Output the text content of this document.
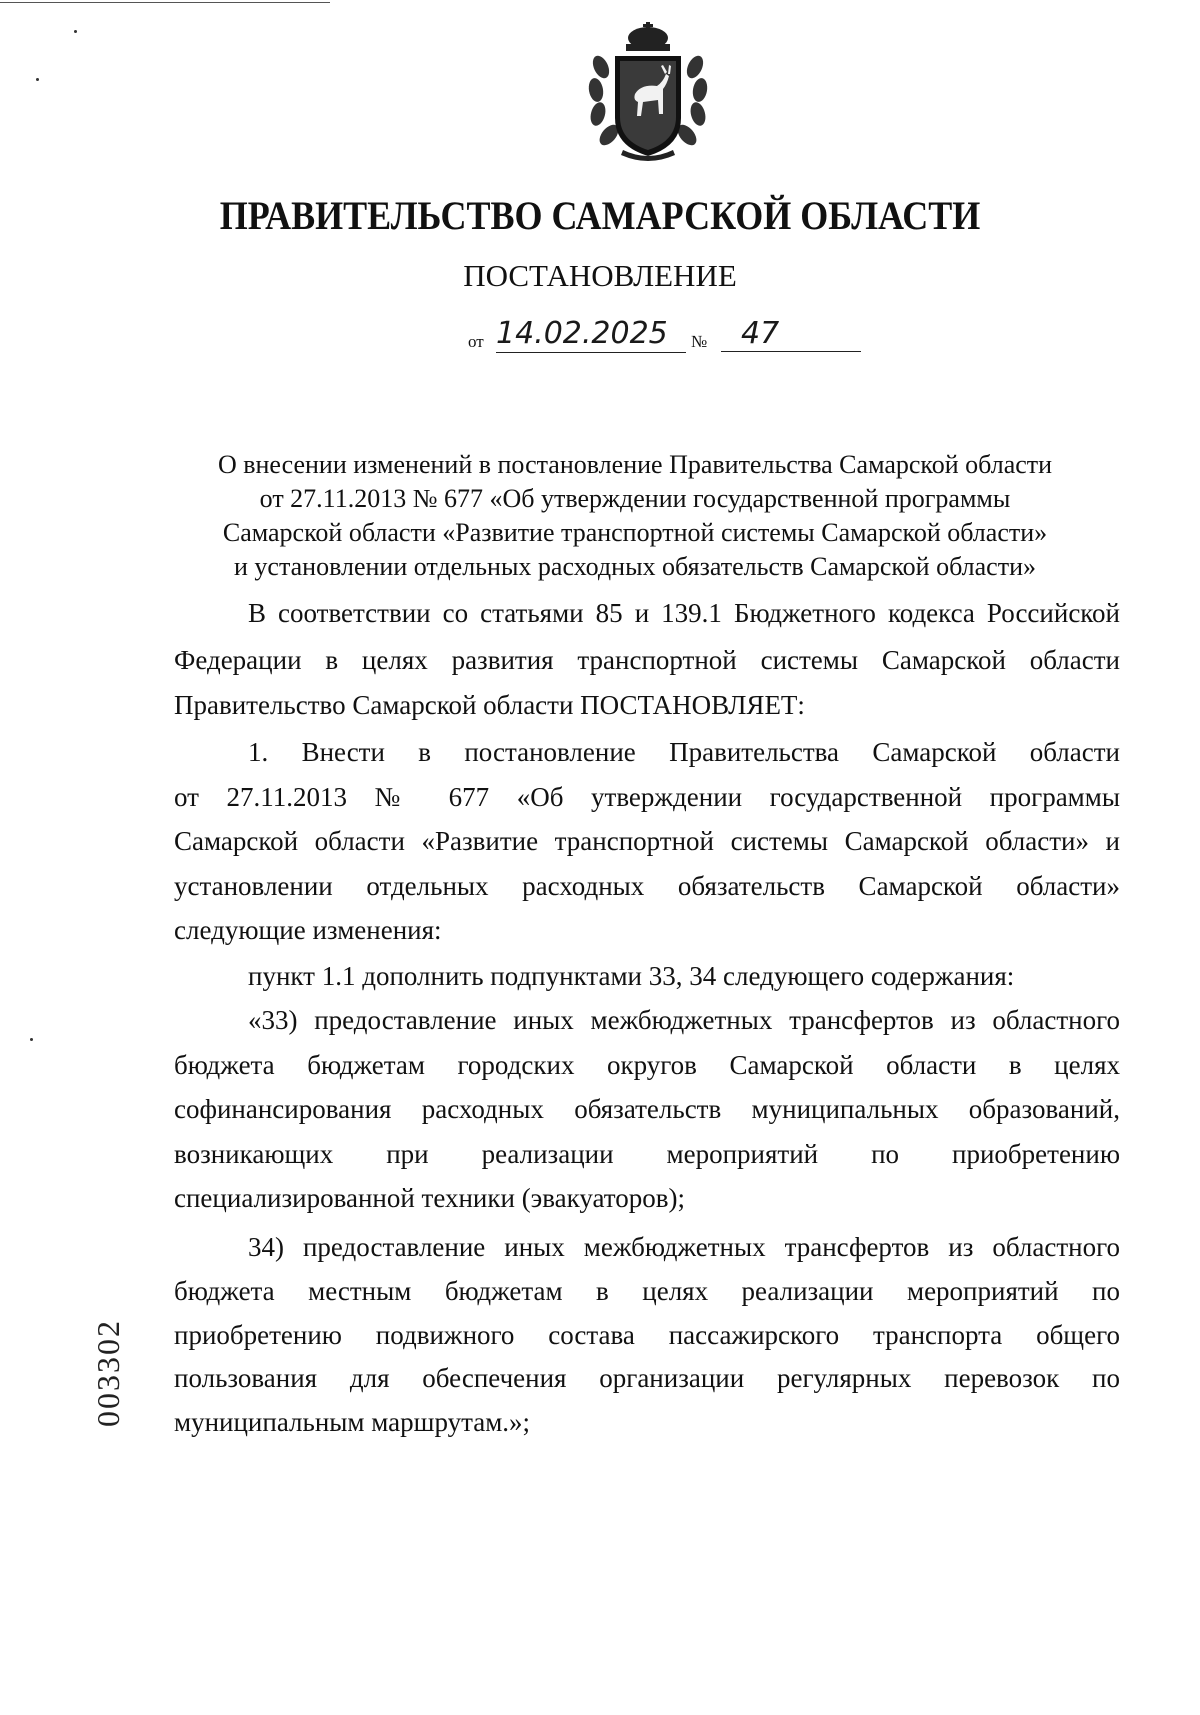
ПРАВИТЕЛЬСТВО САМАРСКОЙ ОБЛАСТИ
ПОСТАНОВЛЕНИЕ
от 14.02.2025	№	47
О внесении изменений в постановление Правительства Самарской области
от 27.11.2013 № 677 «Об утверждении государственной программы
Самарской области «Развитие транспортной системы Самарской области»
и установлении отдельных расходных обязательств Самарской области»
В соответствии со статьями 85 и 139.1 Бюджетного кодекса Российской
Федерации в целях развития транспортной системы Самарской области
Правительство Самарской области ПОСТАНОВЛЯЕТ:
1. Внести в постановление Правительства Самарской области
от 27.11.2013 № 677 «Об утверждении государственной программы
Самарской области «Развитие транспортной системы Самарской области» и
установлении отдельных расходных обязательств Самарской области»
следующие изменения:
пункт 1.1 дополнить подпунктами 33, 34 следующего содержания:
«33) предоставление иных межбюджетных трансфертов из областного
бюджета бюджетам городских округов Самарской области в целях
софинансирования расходных обязательств муниципальных образований,
возникающих при реализации мероприятий по приобретению
специализированной техники (эвакуаторов);
34) предоставление иных межбюджетных трансфертов из областного
бюджета местным бюджетам в целях реализации мероприятий по
приобретению подвижного состава пассажирского транспорта общего
пользования для обеспечения организации регулярных перевозок по
муниципальным маршрутам.»;
003302
